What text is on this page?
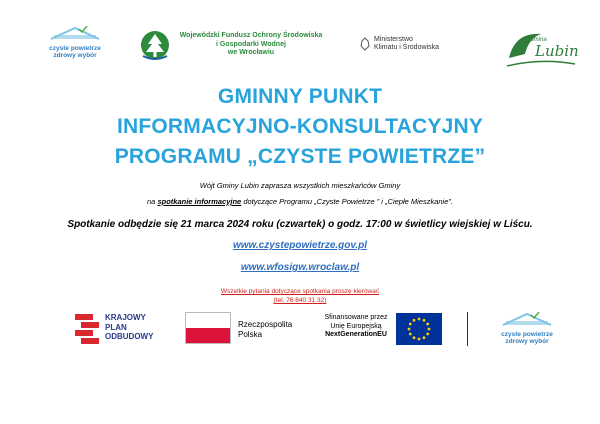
czyste powietrze
zdrowy wybór
Wojewódzki Fundusz Ochrony Środowiska
i Gospodarki Wodnej
we Wrocławiu
Ministerstwo
Klimatu i Środowiska
Gmina
Lubin
GMINNY PUNKT
INFORMACYJNO-KONSULTACYJNY
PROGRAMU „CZYSTE POWIETRZE”
Wójt Gminy Lubin zaprasza wszystkich mieszkańców Gminy
na spotkanie informacyjne dotyczące Programu „Czyste Powietrze ” i „Ciepłe Mieszkanie”.
Spotkanie odbędzie się 21 marca 2024 roku (czwartek) o godz. 17:00 w świetlicy wiejskiej w Liścu.
www.czystepowietrze.gov.pl
www.wfosigw.wroclaw.pl
Wszelkie pytania dotyczące spotkania proszę kierować
(tel. 76 840 31 32)
KRAJOWY
PLAN
ODBUDOWY
Rzeczpospolita
Polska
Sfinansowane przez
Unię Europejską
NextGenerationEU	czyste powietrze
zdrowy wybór
